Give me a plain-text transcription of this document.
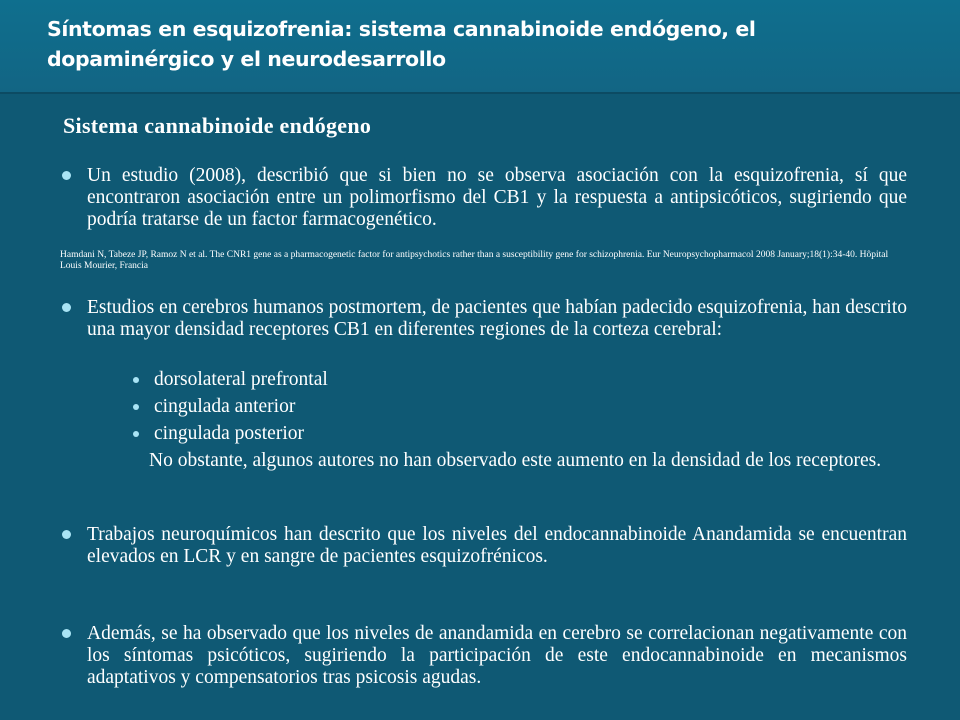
Síntomas en esquizofrenia: sistema cannabinoide endógeno, el dopaminérgico y el neurodesarrollo
Sistema cannabinoide endógeno
Un estudio (2008), describió que si bien no se observa asociación con la esquizofrenia, sí que encontraron asociación entre un polimorfismo del CB1 y la respuesta a antipsicóticos, sugiriendo que podría tratarse de un factor farmacogenético.
Hamdani N, Tabeze JP, Ramoz N et al. The CNR1 gene as a pharmacogenetic factor for antipsychotics rather than a susceptibility gene for schizophrenia. Eur Neuropsychopharmacol 2008 January;18(1):34-40. Hôpital Louis Mourier, Francia
Estudios en cerebros humanos postmortem, de pacientes que habían padecido esquizofrenia, han descrito una mayor densidad receptores CB1 en diferentes regiones de la corteza cerebral:
dorsolateral prefrontal
cingulada anterior
cingulada posterior
No obstante, algunos autores no han observado este aumento en la densidad de los receptores.
Trabajos neuroquímicos han descrito que los niveles del endocannabinoide Anandamida se encuentran elevados en LCR y en sangre de pacientes esquizofrénicos.
Además, se ha observado que los niveles de anandamida en cerebro se correlacionan negativamente con los síntomas psicóticos, sugiriendo la participación de este endocannabinoide en mecanismos adaptativos y compensatorios tras psicosis agudas.
